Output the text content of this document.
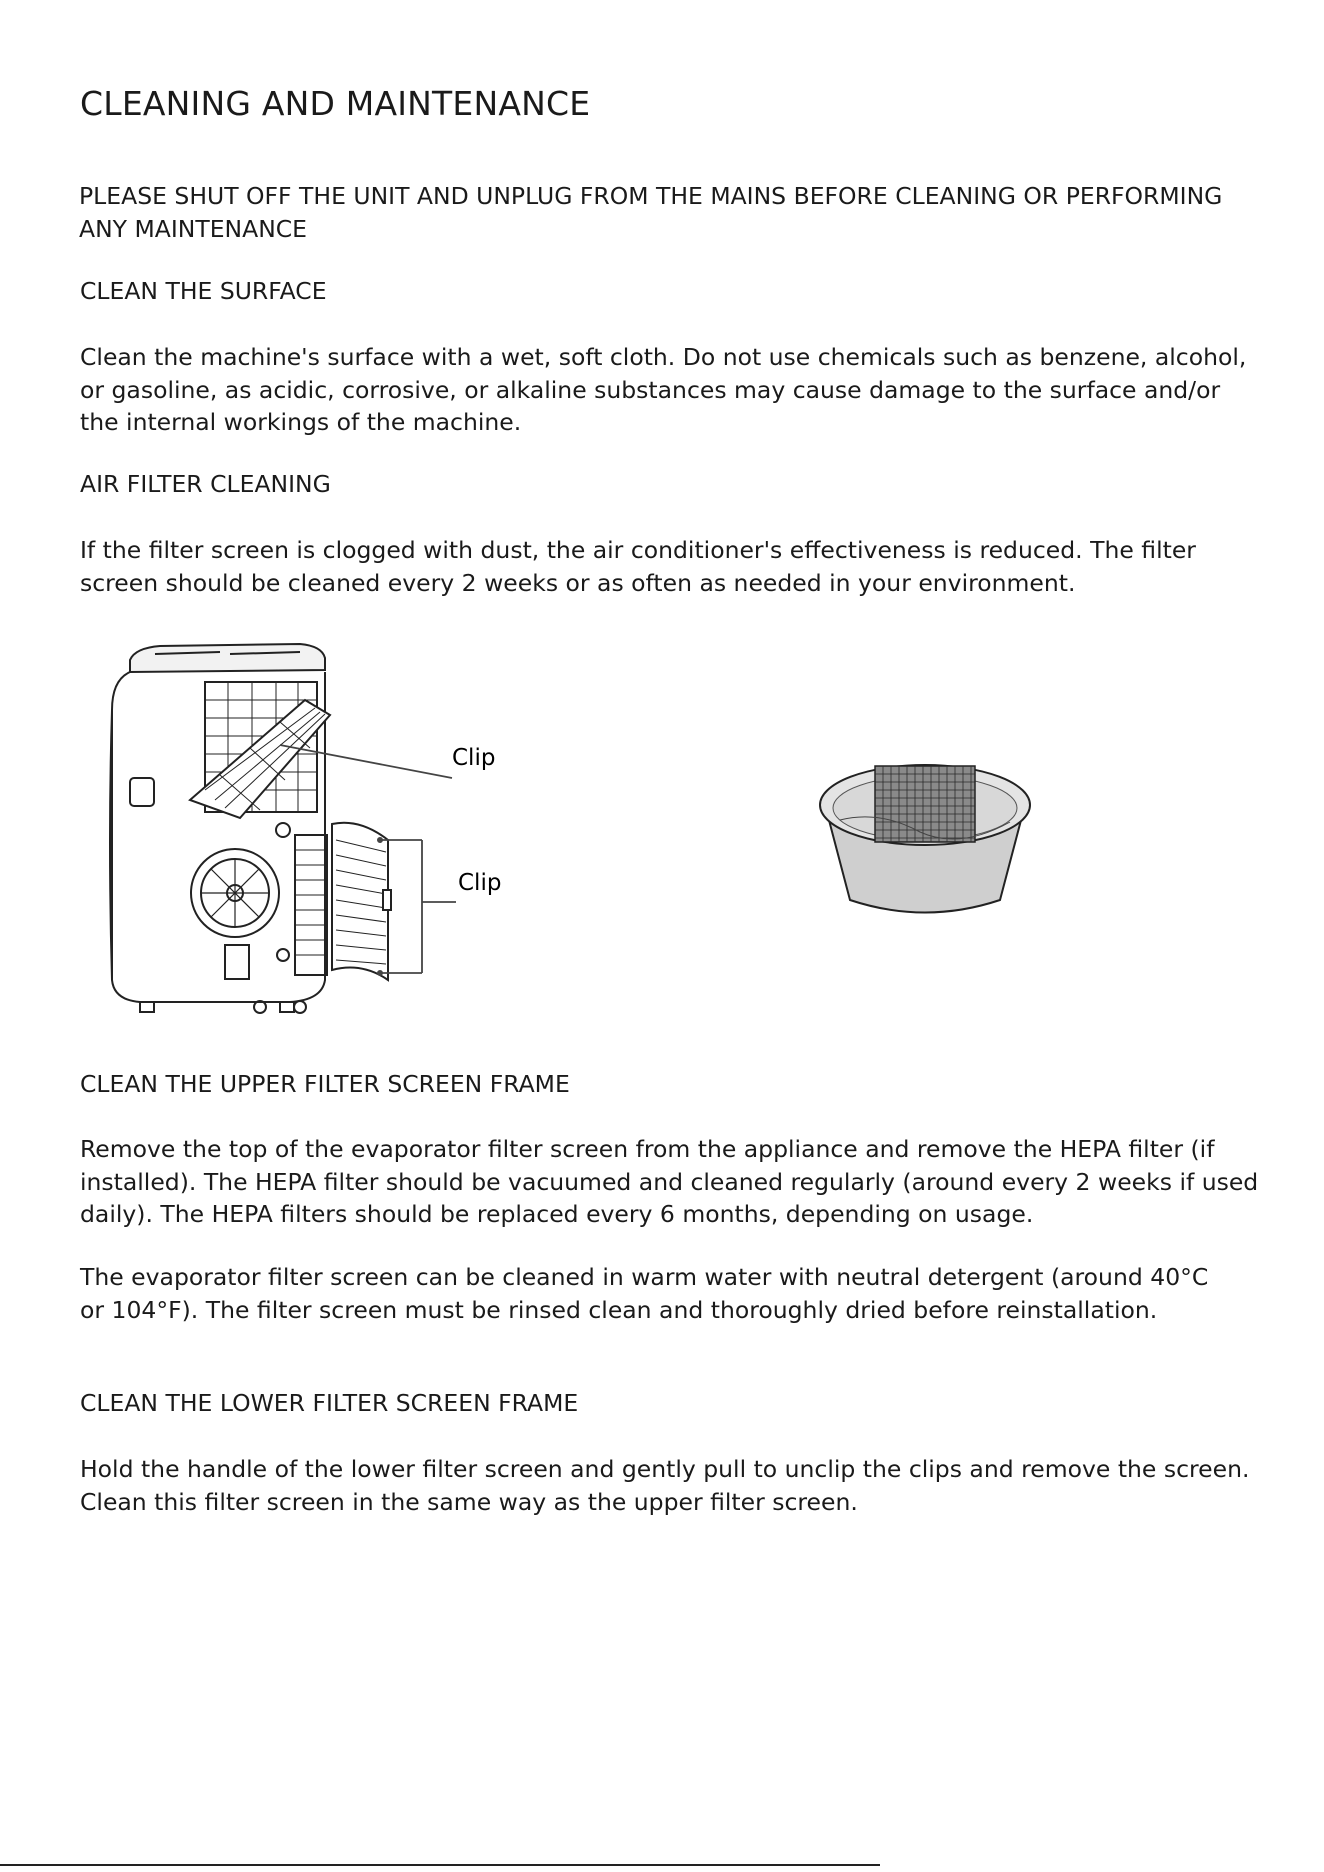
CLEANING AND MAINTENANCE
PLEASE SHUT OFF THE UNIT AND UNPLUG FROM THE MAINS BEFORE CLEANING OR PERFORMING ANY MAINTENANCE
CLEAN THE SURFACE

Clean the machine's surface with a wet, soft cloth. Do not use chemicals such as benzene, alcohol, or gasoline, as acidic, corrosive, or alkaline substances may cause damage to the surface and/or the internal workings of the machine.

AIR FILTER CLEANING

If the filter screen is clogged with dust, the air conditioner's effectiveness is reduced. The filter screen should be cleaned every 2 weeks or as often as needed in your environment.

Clip
Clip
CLEAN THE UPPER FILTER SCREEN FRAME

Remove the top of the evaporator filter screen from the appliance and remove the HEPA filter (if installed). The HEPA filter should be vacuumed and cleaned regularly (around every 2 weeks if used daily). The HEPA filters should be replaced every 6 months, depending on usage.

The evaporator filter screen can be cleaned in warm water with neutral detergent (around 40°C or 104°F). The filter screen must be rinsed clean and thoroughly dried before reinstallation.

CLEAN THE LOWER FILTER SCREEN FRAME

Hold the handle of the lower filter screen and gently pull to unclip the clips and remove the screen. Clean this filter screen in the same way as the upper filter screen.
